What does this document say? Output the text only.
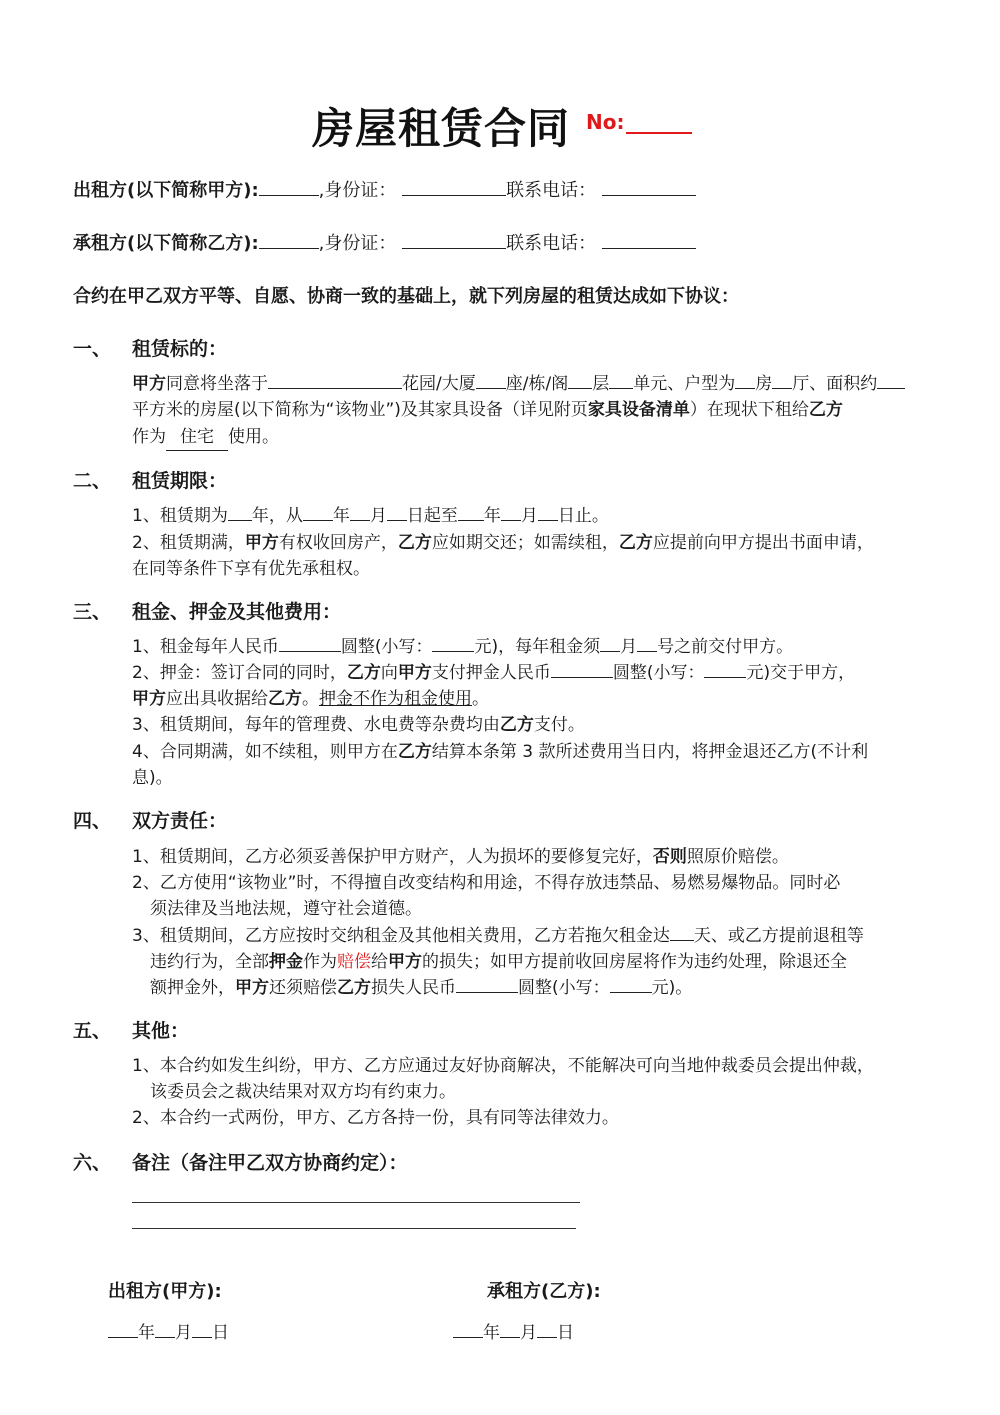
房屋租赁合同 No:
出租方(以下简称甲方):	,身份证：	联系电话：
承租方(以下简称乙方):	,身份证：	联系电话：
合约在甲乙双方平等、自愿、协商一致的基础上，就下列房屋的租赁达成如下协议：
一、 租赁标的：
甲方同意将坐落于	花园/大厦 座/栋/阁 层 单元、户型为 房 厅、面积约
平方米的房屋(以下简称为“该物业”)及其家具设备（详见附页家具设备清单）在现状下租给乙方
作为 住宅 使用。
二、 租赁期限：
1、租赁期为 年，从 年 月 日起至 年 月 日止。
2、租赁期满，甲方有权收回房产，乙方应如期交还；如需续租，乙方应提前向甲方提出书面申请，
在同等条件下享有优先承租权。
三、 租金、押金及其他费用：
1、租金每年人民币	圆整(小写： 元)，每年租金须 月 号之前交付甲方。
2、押金：签订合同的同时，乙方向甲方支付押金人民币	圆整(小写： 元)交于甲方，
甲方应出具收据给乙方。押金不作为租金使用。
3、租赁期间，每年的管理费、水电费等杂费均由乙方支付。
4、合同期满，如不续租，则甲方在乙方结算本条第 3 款所述费用当日内，将押金退还乙方(不计利
息)。
四、 双方责任：
1、租赁期间，乙方必须妥善保护甲方财产，人为损坏的要修复完好，否则照原价赔偿。
2、乙方使用“该物业”时，不得擅自改变结构和用途，不得存放违禁品、易燃易爆物品。同时必
须法律及当地法规，遵守社会道德。
3、租赁期间，乙方应按时交纳租金及其他相关费用，乙方若拖欠租金达 天、或乙方提前退租等
违约行为，全部押金作为赔偿给甲方的损失；如甲方提前收回房屋将作为违约处理，除退还全
额押金外，甲方还须赔偿乙方损失人民币	圆整(小写： 元)。
五、 其他：
1、本合约如发生纠纷，甲方、乙方应通过友好协商解决，不能解决可向当地仲裁委员会提出仲裁，
该委员会之裁决结果对双方均有约束力。
2、本合约一式两份，甲方、乙方各持一份，具有同等法律效力。
六、 备注（备注甲乙双方协商约定）：
出租方(甲方):	承租方(乙方):
年 月 日	年 月 日
